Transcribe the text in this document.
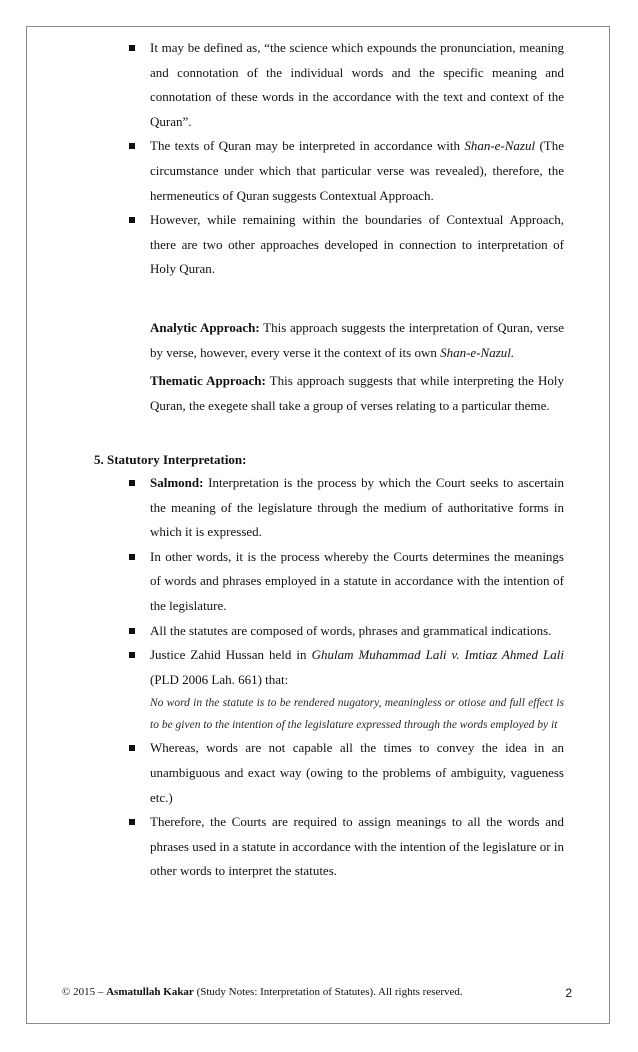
It may be defined as, “the science which expounds the pronunciation, meaning and connotation of the individual words and the specific meaning and connotation of these words in the accordance with the text and context of the Quran”.
The texts of Quran may be interpreted in accordance with Shan-e-Nazul (The circumstance under which that particular verse was revealed), therefore, the hermeneutics of Quran suggests Contextual Approach.
However, while remaining within the boundaries of Contextual Approach, there are two other approaches developed in connection to interpretation of Holy Quran.

Analytic Approach: This approach suggests the interpretation of Quran, verse by verse, however, every verse it the context of its own Shan-e-Nazul.

Thematic Approach: This approach suggests that while interpreting the Holy Quran, the exegete shall take a group of verses relating to a particular theme.

5. Statutory Interpretation:

Salmond: Interpretation is the process by which the Court seeks to ascertain the meaning of the legislature through the medium of authoritative forms in which it is expressed.
In other words, it is the process whereby the Courts determines the meanings of words and phrases employed in a statute in accordance with the intention of the legislature.
All the statutes are composed of words, phrases and grammatical indications.
Justice Zahid Hussan held in Ghulam Muhammad Lali v. Imtiaz Ahmed Lali (PLD 2006 Lah. 661) that:
No word in the statute is to be rendered nugatory, meaningless or otiose and full effect is to be given to the intention of the legislature expressed through the words employed by it
Whereas, words are not capable all the times to convey the idea in an unambiguous and exact way (owing to the problems of ambiguity, vagueness etc.)
Therefore, the Courts are required to assign meanings to all the words and phrases used in a statute in accordance with the intention of the legislature or in other words to interpret the statutes.
© 2015 – Asmatullah Kakar (Study Notes: Interpretation of Statutes). All rights reserved.	2
